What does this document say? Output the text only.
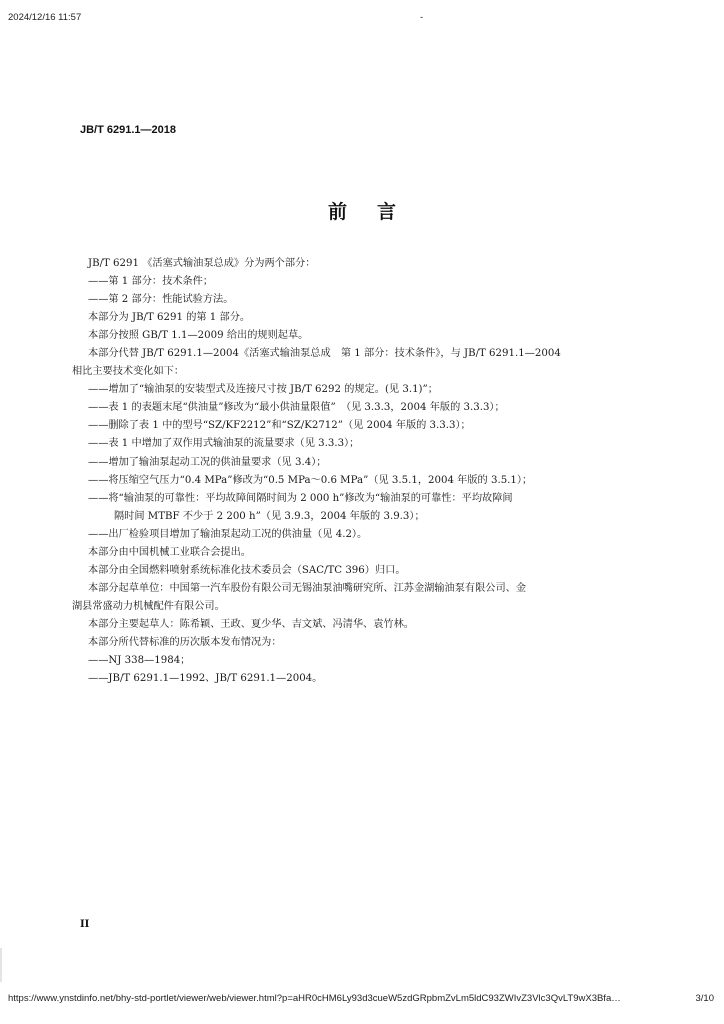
2024/12/16 11:57	-
JB/T 6291.1—2018
前言
JB/T 6291 《活塞式输油泵总成》分为两个部分：
——第 1 部分：技术条件；
——第 2 部分：性能试验方法。
本部分为 JB/T 6291 的第 1 部分。
本部分按照 GB/T 1.1—2009 给出的规则起草。
本部分代替 JB/T 6291.1—2004《活塞式输油泵总成　第 1 部分：技术条件》，与 JB/T 6291.1—2004
相比主要技术变化如下：
——增加了“输油泵的安装型式及连接尺寸按 JB/T 6292 的规定。(见 3.1)”；
——表 1 的表题末尾“供油量”修改为“最小供油量限值”　（见 3.3.3，2004 年版的 3.3.3）；
——删除了表 1 中的型号“SZ/KF2212”和“SZ/K2712”（见 2004 年版的 3.3.3）；
——表 1 中增加了双作用式输油泵的流量要求（见 3.3.3）；
——增加了输油泵起动工况的供油量要求（见 3.4）；
——将压缩空气压力“0.4 MPa”修改为“0.5 MPa～0.6 MPa”（见 3.5.1，2004 年版的 3.5.1）；
——将“输油泵的可靠性：平均故障间隔时间为 2 000 h”修改为“输油泵的可靠性：平均故障间
隔时间 MTBF 不少于 2 200 h”（见 3.9.3，2004 年版的 3.9.3）；
——出厂检验项目增加了输油泵起动工况的供油量（见 4.2）。
本部分由中国机械工业联合会提出。
本部分由全国燃料喷射系统标准化技术委员会（SAC/TC 396）归口。
本部分起草单位：中国第一汽车股份有限公司无锡油泵油嘴研究所、江苏金湖输油泵有限公司、金
湖县常盛动力机械配件有限公司。
本部分主要起草人：陈希颖、王政、夏少华、吉文斌、冯清华、袁竹林。
本部分所代替标准的历次版本发布情况为：
——NJ 338—1984；
——JB/T 6291.1—1992、JB/T 6291.1—2004。
II
https://www.ynstdinfo.net/bhy-std-portlet/viewer/web/viewer.html?p=aHR0cHM6Ly93d3cueW5zdGRpbmZvLm5ldC93ZWIvZ3Vlc3QvLT9wX3Bfa…	3/10
